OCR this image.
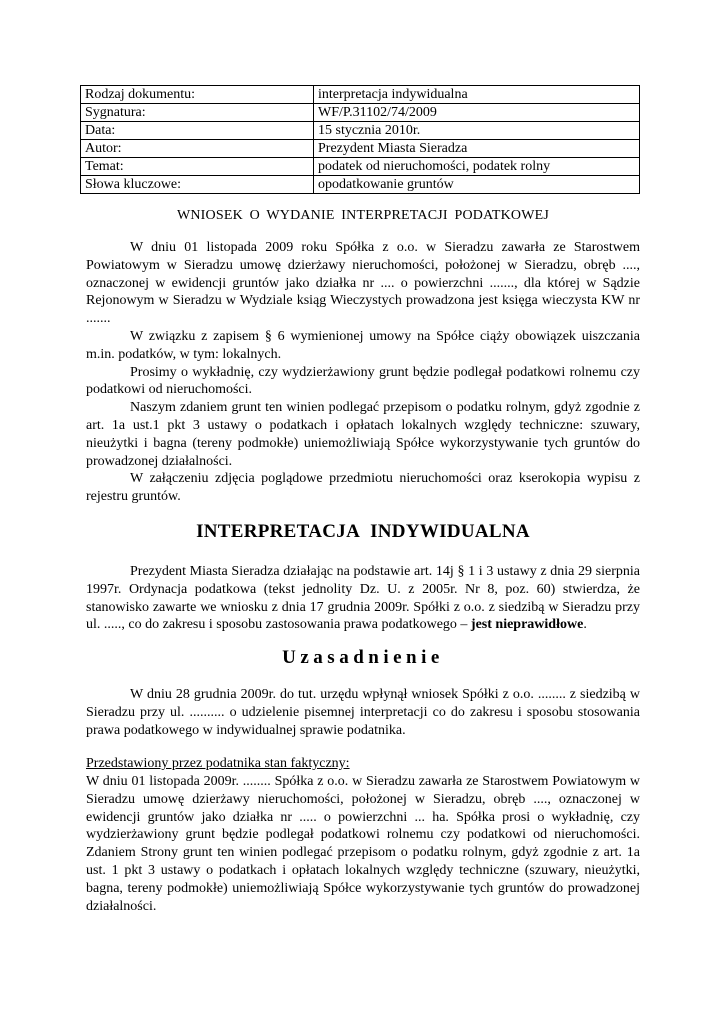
Rodzaj dokumentu:	interpretacja indywidualna
Sygnatura:	WF/P.31102/74/2009
Data:	15 stycznia 2010r.
Autor:	Prezydent Miasta Sieradza
Temat:	podatek od nieruchomości, podatek rolny
Słowa kluczowe:	opodatkowanie gruntów
WNIOSEK O WYDANIE INTERPRETACJI PODATKOWEJ

W dniu 01 listopada 2009 roku Spółka z o.o. w Sieradzu zawarła ze Starostwem Powiatowym w Sieradzu umowę dzierżawy nieruchomości, położonej w Sieradzu, obręb ...., oznaczonej w ewidencji gruntów jako działka nr .... o powierzchni ......., dla której w Sądzie Rejonowym w Sieradzu w Wydziale ksiąg Wieczystych prowadzona jest księga wieczysta KW nr .......

W związku z zapisem § 6 wymienionej umowy na Spółce ciąży obowiązek uiszczania m.in. podatków, w tym: lokalnych.

Prosimy o wykładnię, czy wydzierżawiony grunt będzie podlegał podatkowi rolnemu czy podatkowi od nieruchomości.

Naszym zdaniem grunt ten winien podlegać przepisom o podatku rolnym, gdyż zgodnie z art. 1a ust.1 pkt 3 ustawy o podatkach i opłatach lokalnych względy techniczne: szuwary, nieużytki i bagna (tereny podmokłe) uniemożliwiają Spółce wykorzystywanie tych gruntów do prowadzonej działalności.

W załączeniu zdjęcia poglądowe przedmiotu nieruchomości oraz kserokopia wypisu z rejestru gruntów.

INTERPRETACJA INDYWIDUALNA

Prezydent Miasta Sieradza działając na podstawie art. 14j § 1 i 3 ustawy z dnia 29 sierpnia 1997r. Ordynacja podatkowa (tekst jednolity Dz. U. z 2005r. Nr 8, poz. 60) stwierdza, że stanowisko zawarte we wniosku z dnia 17 grudnia 2009r. Spółki z o.o. z siedzibą w Sieradzu przy ul. ....., co do zakresu i sposobu zastosowania prawa podatkowego – jest nieprawidłowe.

Uzasadnienie

W dniu 28 grudnia 2009r. do tut. urzędu wpłynął wniosek Spółki z o.o. ........ z siedzibą w Sieradzu przy ul. .......... o udzielenie pisemnej interpretacji co do zakresu i sposobu stosowania prawa podatkowego w indywidualnej sprawie podatnika.

Przedstawiony przez podatnika stan faktyczny:

W dniu 01 listopada 2009r. ........ Spółka z o.o. w Sieradzu zawarła ze Starostwem Powiatowym w Sieradzu umowę dzierżawy nieruchomości, położonej w Sieradzu, obręb ...., oznaczonej w ewidencji gruntów jako działka nr ..... o powierzchni ... ha. Spółka prosi o wykładnię, czy wydzierżawiony grunt będzie podlegał podatkowi rolnemu czy podatkowi od nieruchomości. Zdaniem Strony grunt ten winien podlegać przepisom o podatku rolnym, gdyż zgodnie z art. 1a ust. 1 pkt 3 ustawy o podatkach i opłatach lokalnych względy techniczne (szuwary, nieużytki, bagna, tereny podmokłe) uniemożliwiają Spółce wykorzystywanie tych gruntów do prowadzonej działalności.
